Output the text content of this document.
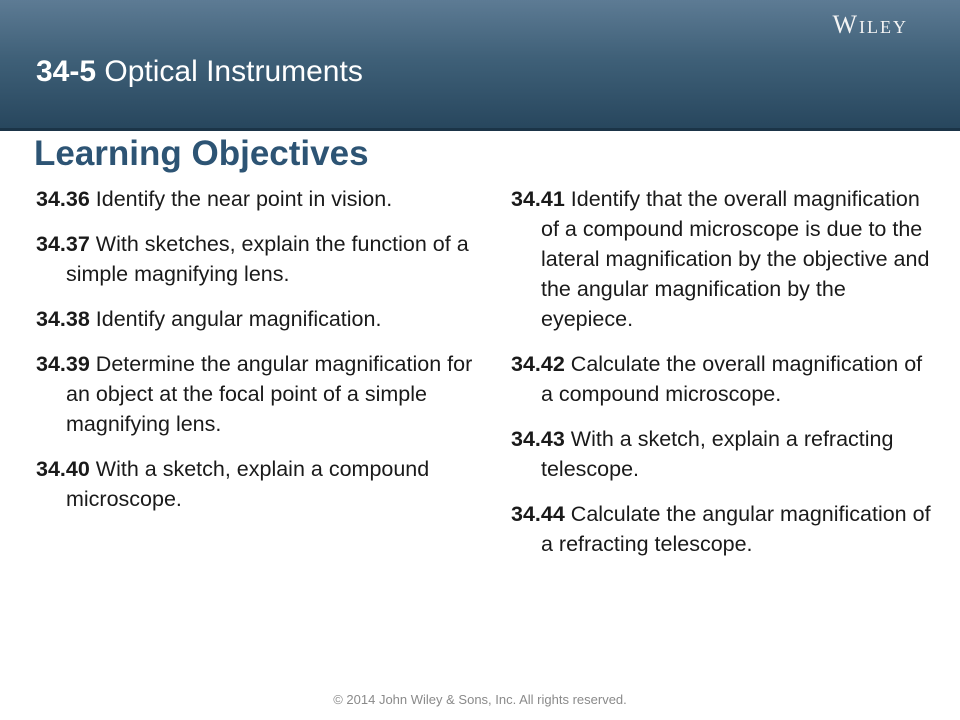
Wiley
34-5 Optical Instruments
Learning Objectives

34.36 Identify the near point in vision.

34.37 With sketches, explain the function of a simple magnifying lens.

34.38 Identify angular magnification.

34.39 Determine the angular magnification for an object at the focal point of a simple magnifying lens.

34.40 With a sketch, explain a compound microscope.

34.41 Identify that the overall magnification of a compound microscope is due to the lateral magnification by the objective and the angular magnification by the eyepiece.

34.42 Calculate the overall magnification of a compound microscope.

34.43 With a sketch, explain a refracting telescope.

34.44 Calculate the angular magnification of a refracting telescope.

© 2014 John Wiley & Sons, Inc. All rights reserved.
